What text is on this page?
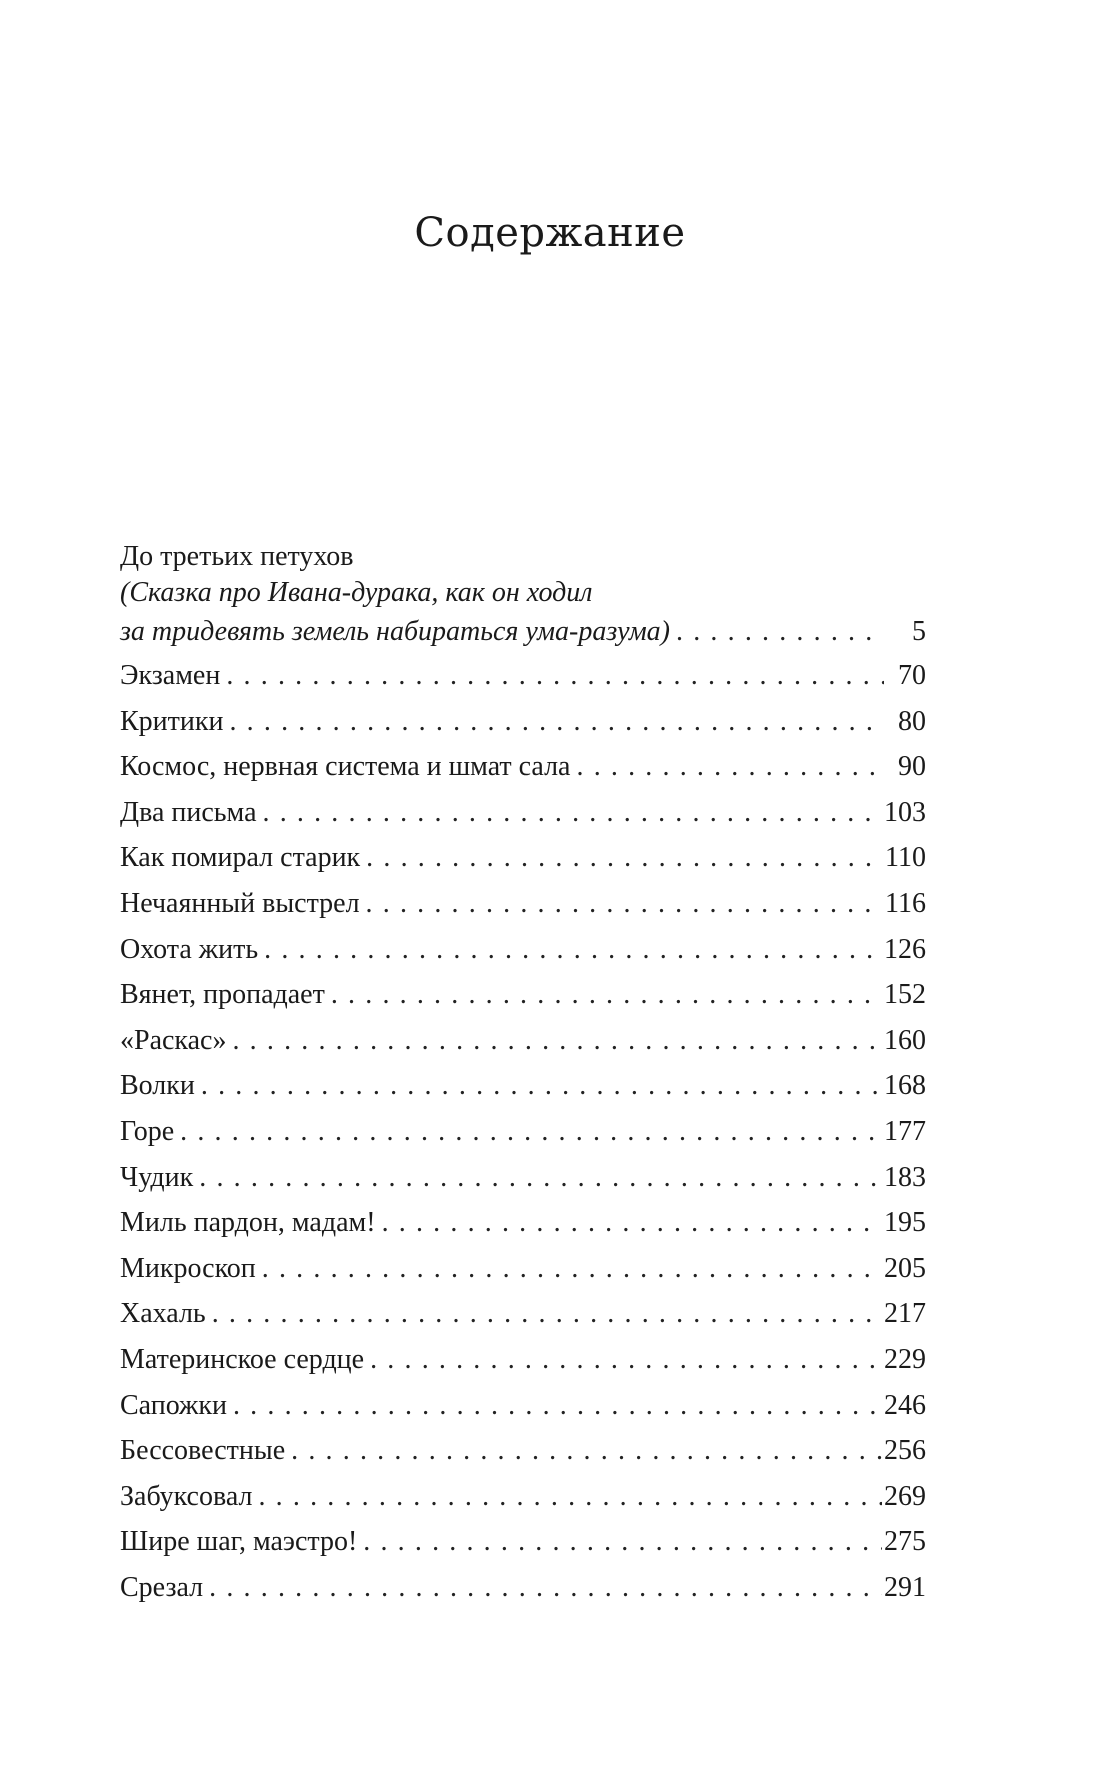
Содержание
До третьих петухов
(Сказка про Ивана-дурака, как он ходил
за тридевять земель набираться ума-разума) . . .	5
Экзамен . . .	70
Критики . . .	80
Космос, нервная система и шмат сала . . .	90
Два письма . . .	103
Как помирал старик . . .	110
Нечаянный выстрел . . .	116
Охота жить . . .	126
Вянет, пропадает . . .	152
«Раскас» . . .	160
Волки . . .	168
Горе . . .	177
Чудик . . .	183
Миль пардон, мадам! . . .	195
Микроскоп . . .	205
Хахаль . . .	217
Материнское сердце . . .	229
Сапожки . . .	246
Бессовестные . . .	256
Забуксовал . . .	269
Шире шаг, маэстро! . . .	275
Срезал . . .	291
